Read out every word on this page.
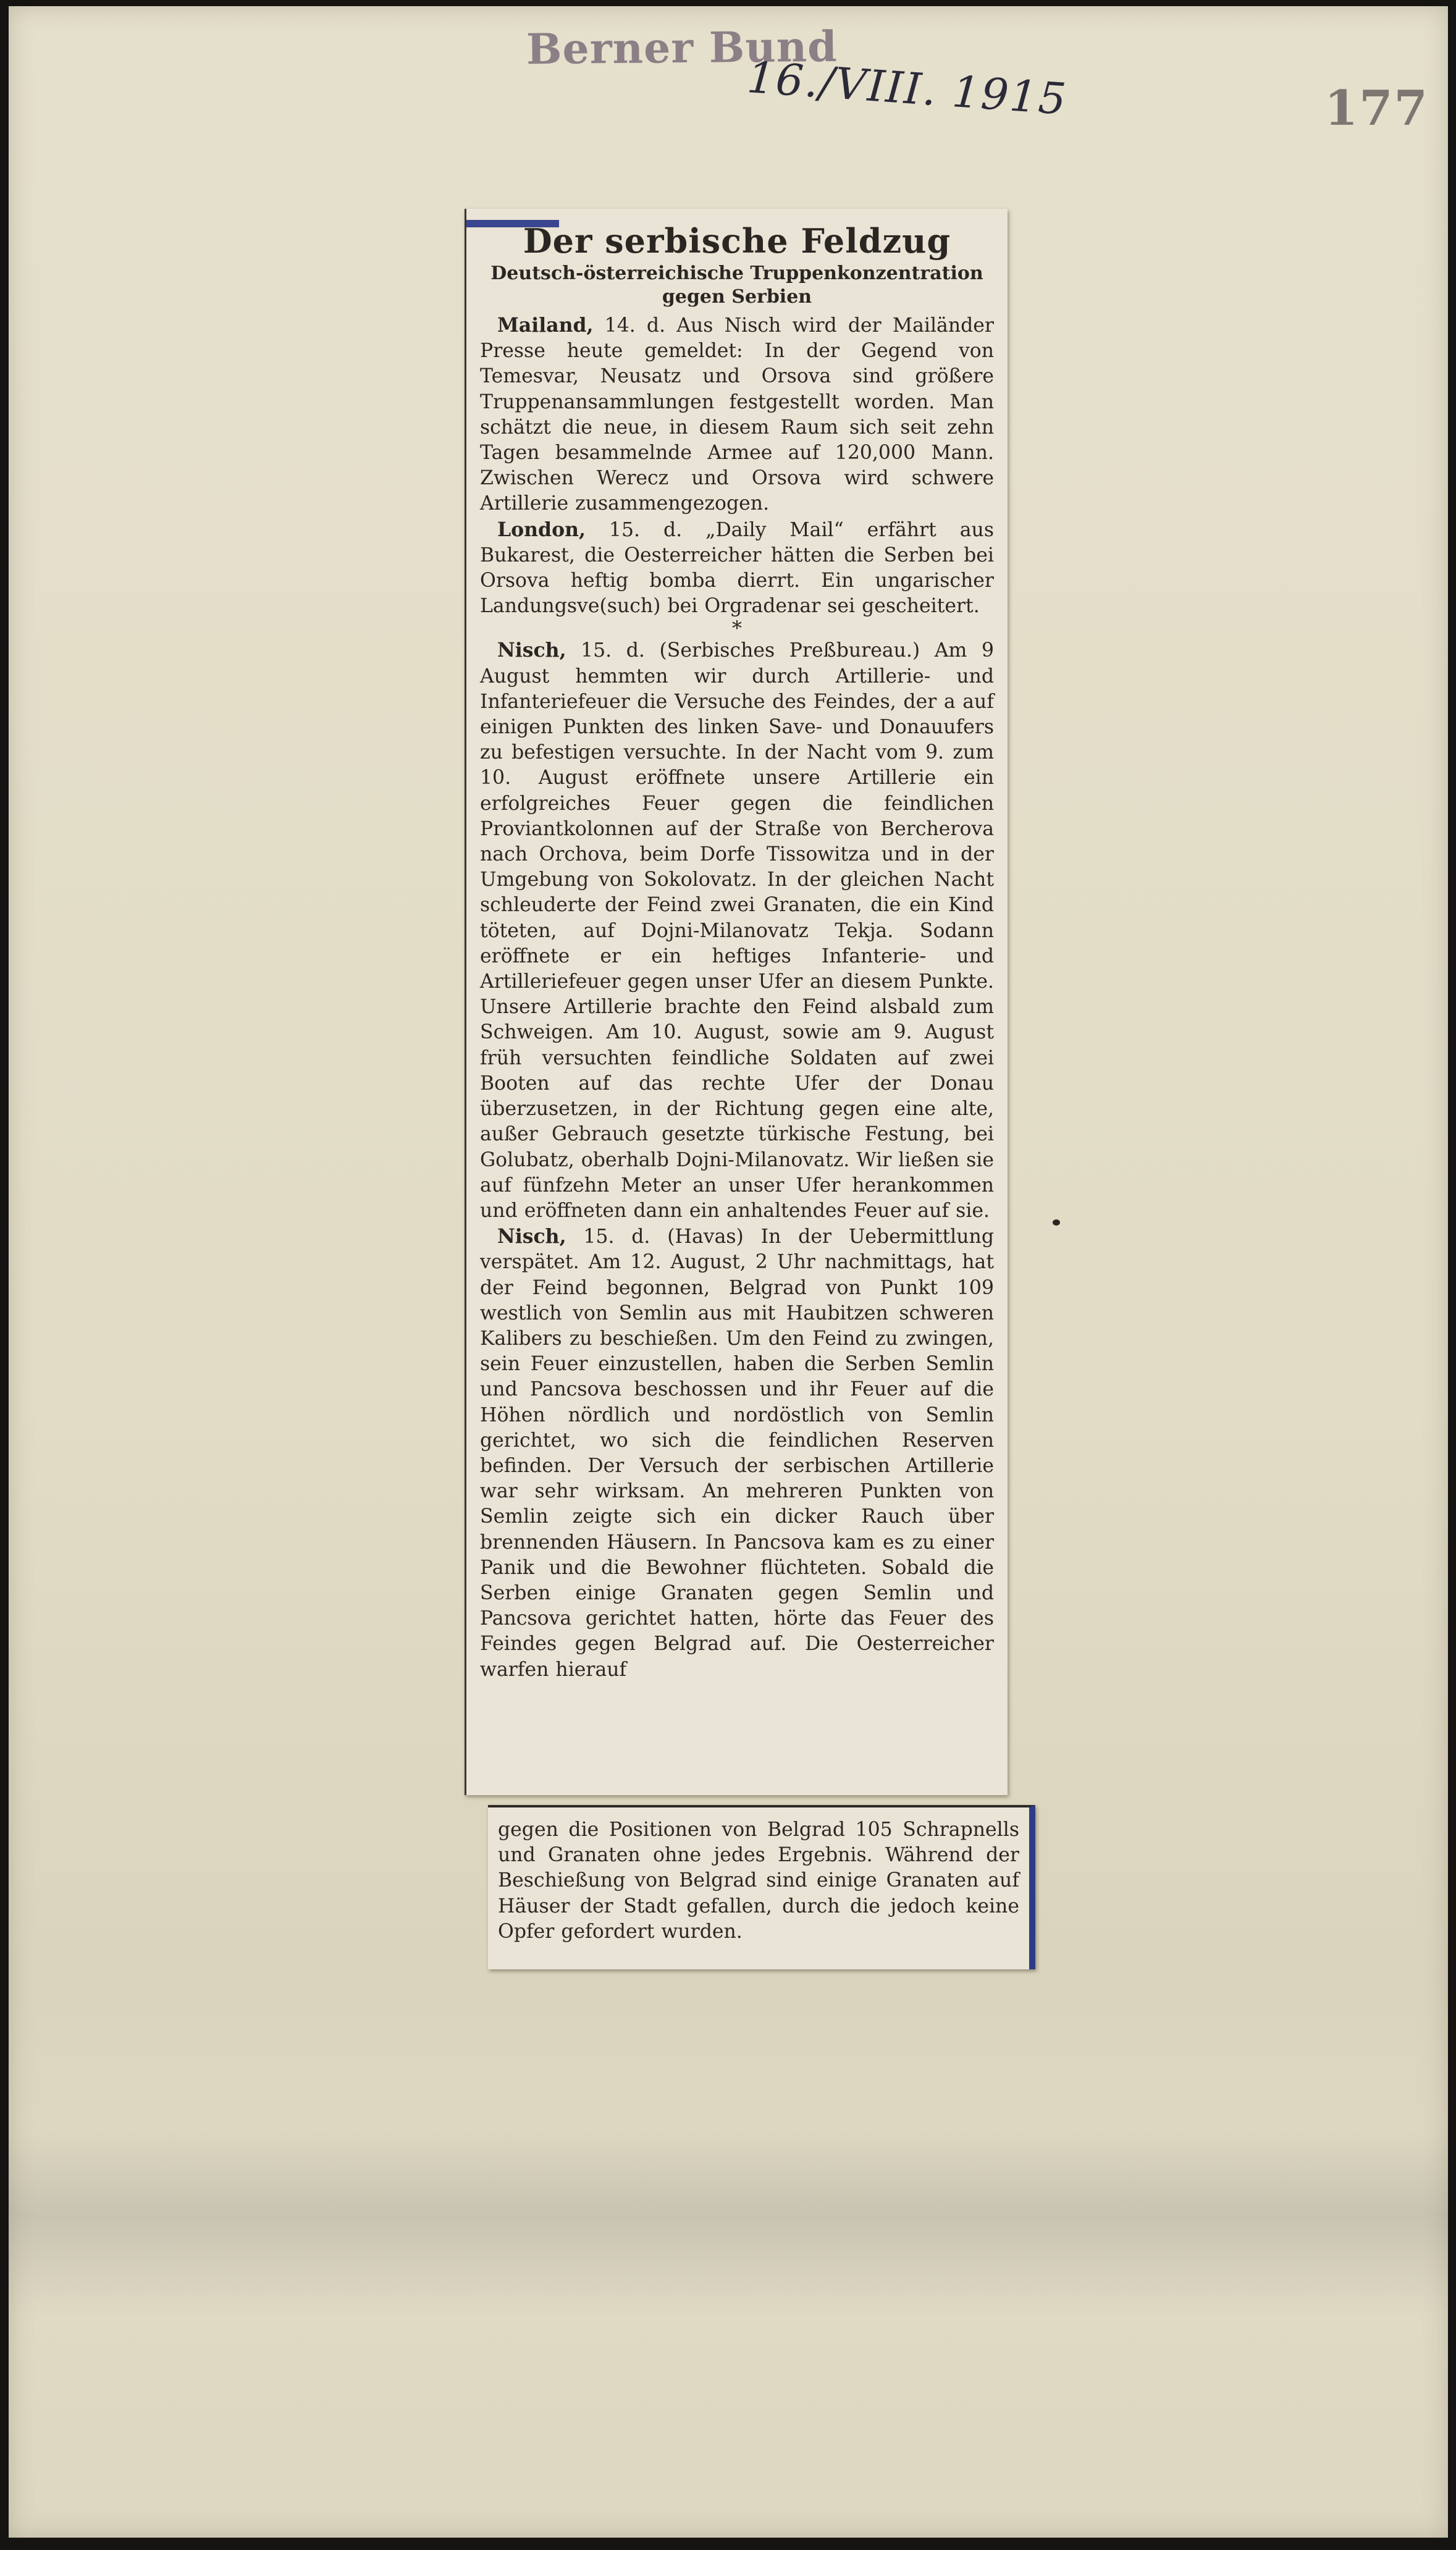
Berner Bund
16./VIII. 1915	177
Der serbische Feldzug
Deutsch-österreichische Truppenkonzentration gegen Serbien

Mailand, 14. d. Aus Nisch wird der Mailänder Presse heute gemeldet: In der Gegend von Temesvar, Neusatz und Orsova sind größere Truppenansammlungen festgestellt worden. Man schätzt die neue, in diesem Raum sich seit zehn Tagen besammelnde Armee auf 120,000 Mann. Zwischen Werecz und Orsova wird schwere Artillerie zusammengezogen.

London, 15. d. „Daily Mail“ erfährt aus Bukarest, die Oesterreicher hätten die Serben bei Orsova heftig bomba dierrt. Ein ungarischer Landungsve(such) bei Orgradenar sei gescheitert.

*

Nisch, 15. d. (Serbisches Preßbureau.) Am 9 August hemmten wir durch Artillerie- und Infanteriefeuer die Versuche des Feindes, der a auf einigen Punkten des linken Save- und Donauufers zu befestigen versuchte. In der Nacht vom 9. zum 10. August eröffnete unsere Artillerie ein erfolgreiches Feuer gegen die feindlichen Proviantkolonnen auf der Straße von Bercherova nach Orchova, beim Dorfe Tissowitza und in der Umgebung von Sokolovatz. In der gleichen Nacht schleuderte der Feind zwei Granaten, die ein Kind töteten, auf Dojni-Milanovatz Tekja. Sodann eröffnete er ein heftiges Infanterie- und Artilleriefeuer gegen unser Ufer an diesem Punkte. Unsere Artillerie brachte den Feind alsbald zum Schweigen. Am 10. August, sowie am 9. August früh versuchten feindliche Soldaten auf zwei Booten auf das rechte Ufer der Donau überzusetzen, in der Richtung gegen eine alte, außer Gebrauch gesetzte türkische Festung, bei Golubatz, oberhalb Dojni-Milanovatz. Wir ließen sie auf fünfzehn Meter an unser Ufer herankommen und eröffneten dann ein anhaltendes Feuer auf sie.

Nisch, 15. d. (Havas) In der Uebermittlung verspätet. Am 12. August, 2 Uhr nachmittags, hat der Feind begonnen, Belgrad von Punkt 109 westlich von Semlin aus mit Haubitzen schweren Kalibers zu beschießen. Um den Feind zu zwingen, sein Feuer einzustellen, haben die Serben Semlin und Pancsova beschossen und ihr Feuer auf die Höhen nördlich und nordöstlich von Semlin gerichtet, wo sich die feindlichen Reserven befinden. Der Versuch der serbischen Artillerie war sehr wirksam. An mehreren Punkten von Semlin zeigte sich ein dicker Rauch über brennenden Häusern. In Pancsova kam es zu einer Panik und die Bewohner flüchteten. Sobald die Serben einige Granaten gegen Semlin und Pancsova gerichtet hatten, hörte das Feuer des Feindes gegen Belgrad auf. Die Oesterreicher warfen hierauf

gegen die Positionen von Belgrad 105 Schrapnells und Granaten ohne jedes Ergebnis. Während der Beschießung von Belgrad sind einige Granaten auf Häuser der Stadt gefallen, durch die jedoch keine Opfer gefordert wurden.
